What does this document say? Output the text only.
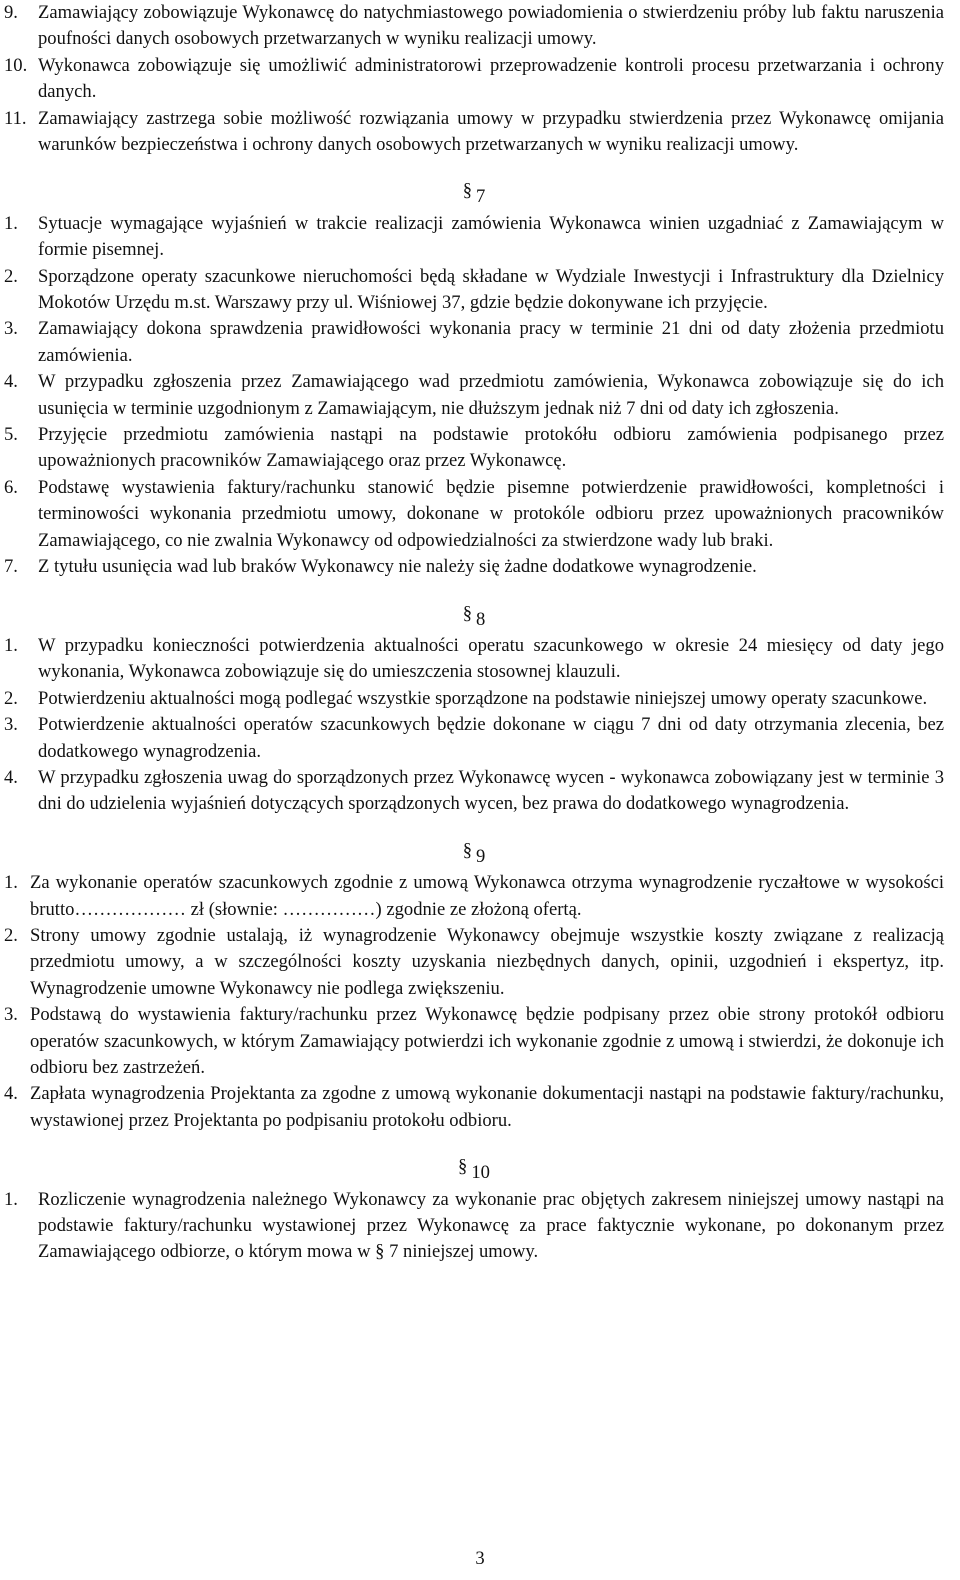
9.	Zamawiający zobowiązuje Wykonawcę do natychmiastowego powiadomienia o stwierdzeniu próby lub faktu naruszenia poufności danych osobowych przetwarzanych w wyniku realizacji umowy.
10. Wykonawca zobowiązuje się umożliwić administratorowi przeprowadzenie kontroli procesu przetwarzania i ochrony danych.
11. Zamawiający zastrzega sobie możliwość rozwiązania umowy w przypadku stwierdzenia przez Wykonawcę omijania warunków bezpieczeństwa i ochrony danych osobowych przetwarzanych w wyniku realizacji umowy.
§ 7
1.	Sytuacje wymagające wyjaśnień w trakcie realizacji zamówienia Wykonawca winien uzgadniać z Zamawiającym w formie pisemnej.
2.	Sporządzone operaty szacunkowe nieruchomości będą składane w Wydziale Inwestycji i Infrastruktury dla Dzielnicy Mokotów Urzędu m.st. Warszawy przy ul. Wiśniowej 37, gdzie będzie dokonywane ich przyjęcie.
3.	Zamawiający dokona sprawdzenia prawidłowości wykonania pracy w terminie 21 dni od daty złożenia przedmiotu zamówienia.
4.	W przypadku zgłoszenia przez Zamawiającego wad przedmiotu zamówienia, Wykonawca zobowiązuje się do ich usunięcia w terminie uzgodnionym z Zamawiającym, nie dłuższym jednak niż 7 dni od daty ich zgłoszenia.
5.	Przyjęcie przedmiotu zamówienia nastąpi na podstawie protokółu odbioru zamówienia podpisanego przez upoważnionych pracowników Zamawiającego oraz przez Wykonawcę.
6.	Podstawę wystawienia faktury/rachunku stanowić będzie pisemne potwierdzenie prawidłowości, kompletności i terminowości wykonania przedmiotu umowy, dokonane w protokóle odbioru przez upoważnionych pracowników Zamawiającego, co nie zwalnia Wykonawcy od odpowiedzialności za stwierdzone wady lub braki.
7.	Z tytułu usunięcia wad lub braków Wykonawcy nie należy się żadne dodatkowe wynagrodzenie.
§ 8
1.	W przypadku konieczności potwierdzenia aktualności operatu szacunkowego w okresie 24 miesięcy od daty jego wykonania, Wykonawca zobowiązuje się do umieszczenia stosownej klauzuli.
2.	Potwierdzeniu aktualności mogą podlegać wszystkie sporządzone na podstawie niniejszej umowy operaty szacunkowe.
3.	Potwierdzenie aktualności operatów szacunkowych będzie dokonane w ciągu 7 dni od daty otrzymania zlecenia, bez dodatkowego wynagrodzenia.
4.	W przypadku zgłoszenia uwag do sporządzonych przez Wykonawcę wycen - wykonawca zobowiązany jest w terminie 3 dni do udzielenia wyjaśnień dotyczących sporządzonych wycen, bez prawa do dodatkowego wynagrodzenia.
§ 9
1. Za wykonanie operatów szacunkowych zgodnie z umową Wykonawca otrzyma wynagrodzenie ryczałtowe w wysokości brutto……………… zł (słownie: ……………) zgodnie ze złożoną ofertą.
2. Strony umowy zgodnie ustalają, iż wynagrodzenie Wykonawcy obejmuje wszystkie koszty związane z realizacją przedmiotu umowy, a w szczególności koszty uzyskania niezbędnych danych, opinii, uzgodnień i ekspertyz, itp. Wynagrodzenie umowne Wykonawcy nie podlega zwiększeniu.
3. Podstawą do wystawienia faktury/rachunku przez Wykonawcę będzie podpisany przez obie strony protokół odbioru operatów szacunkowych, w którym Zamawiający potwierdzi ich wykonanie zgodnie z umową i stwierdzi, że dokonuje ich odbioru bez zastrzeżeń.
4. Zapłata wynagrodzenia Projektanta za zgodne z umową wykonanie dokumentacji nastąpi na podstawie faktury/rachunku, wystawionej przez Projektanta po podpisaniu protokołu odbioru.
§ 10
1.	Rozliczenie wynagrodzenia należnego Wykonawcy za wykonanie prac objętych zakresem niniejszej umowy nastąpi na podstawie faktury/rachunku wystawionej przez Wykonawcę za prace faktycznie wykonane, po dokonanym przez Zamawiającego odbiorze, o którym mowa w § 7 niniejszej umowy.
3
